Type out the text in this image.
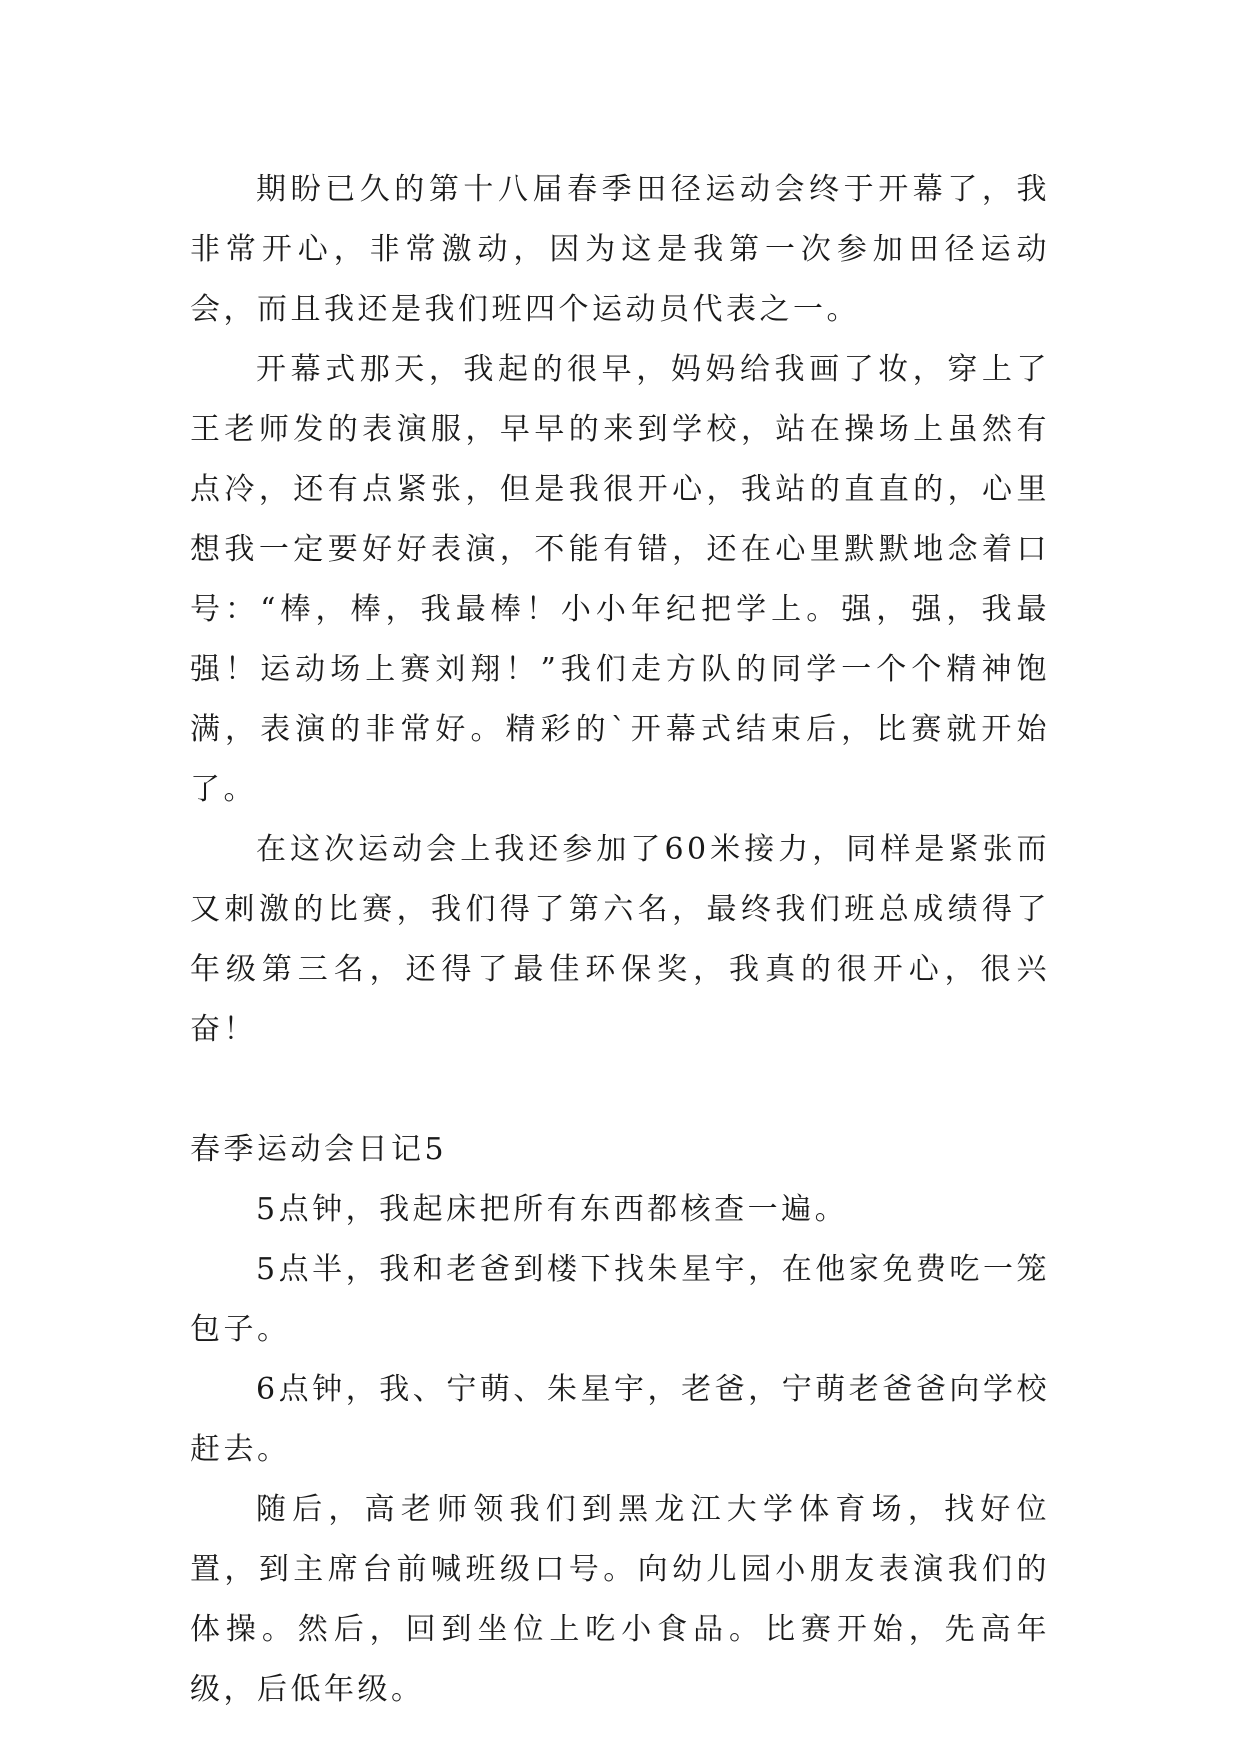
期盼已久的第十八届春季田径运动会终于开幕了，我非常开心，非常激动，因为这是我第一次参加田径运动会，而且我还是我们班四个运动员代表之一。

开幕式那天，我起的很早，妈妈给我画了妆，穿上了王老师发的表演服，早早的来到学校，站在操场上虽然有点冷，还有点紧张，但是我很开心，我站的直直的，心里想我一定要好好表演，不能有错，还在心里默默地念着口号：“棒，棒，我最棒！小小年纪把学上。强，强，我最强！运动场上赛刘翔！”我们走方队的同学一个个精神饱满，表演的非常好。精彩的`开幕式结束后，比赛就开始了。

在这次运动会上我还参加了60米接力，同样是紧张而又刺激的比赛，我们得了第六名，最终我们班总成绩得了年级第三名，还得了最佳环保奖，我真的很开心，很兴奋！

春季运动会日记5

5点钟，我起床把所有东西都核查一遍。

5点半，我和老爸到楼下找朱星宇，在他家免费吃一笼包子。

6点钟，我、宁萌、朱星宇，老爸，宁萌老爸爸向学校赶去。

随后，高老师领我们到黑龙江大学体育场，找好位置，到主席台前喊班级口号。向幼儿园小朋友表演我们的体操。然后，回到坐位上吃小食品。比赛开始，先高年级，后低年级。
